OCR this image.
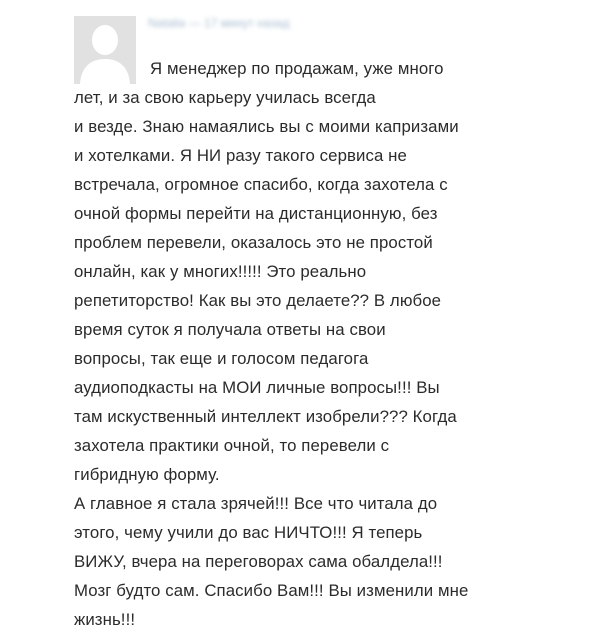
Natalia — 17 минут назад

Я менеджер по продажам, уже много
лет, и за свою карьеру училась всегда
и везде. Знаю намаялись вы с моими капризами
и хотелками. Я НИ разу такого сервиса не
встречала, огромное спасибо, когда захотела с
очной формы перейти на дистанционную, без
проблем перевели, оказалось это не простой
онлайн, как у многих!!!!! Это реально
репетиторство! Как вы это делаете?? В любое
время суток я получала ответы на свои
вопросы, так еще и голосом педагога
аудиоподкасты на МОИ личные вопросы!!! Вы
там искуственный интеллект изобрели??? Когда
захотела практики очной, то перевели с
гибридную форму.
А главное я стала зрячей!!! Все что читала до
этого, чему учили до вас НИЧТО!!! Я теперь
ВИЖУ, вчера на переговорах сама обалдела!!!
Мозг будто сам. Спасибо Вам!!! Вы изменили мне
жизнь!!!
